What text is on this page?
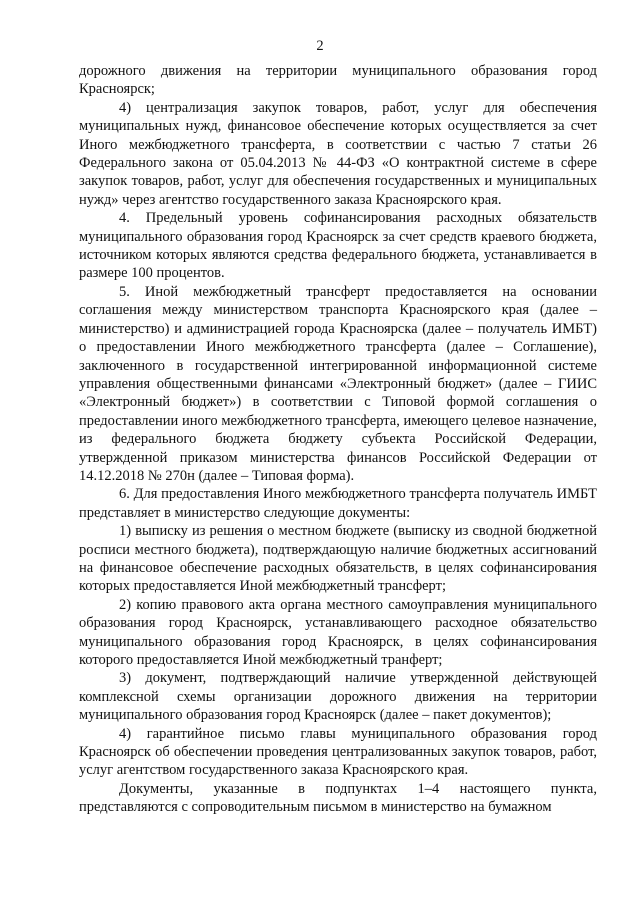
2

дорожного движения на территории муниципального образования город Красноярск;

4) централизация закупок товаров, работ, услуг для обеспечения муниципальных нужд, финансовое обеспечение которых осуществляется за счет Иного межбюджетного трансферта, в соответствии с частью 7 статьи 26 Федерального закона от 05.04.2013 № 44-ФЗ «О контрактной системе в сфере закупок товаров, работ, услуг для обеспечения государственных и муниципальных нужд» через агентство государственного заказа Красноярского края.

4. Предельный уровень софинансирования расходных обязательств муниципального образования город Красноярск за счет средств краевого бюджета, источником которых являются средства федерального бюджета, устанавливается в размере 100 процентов.

5. Иной межбюджетный трансферт предоставляется на основании соглашения между министерством транспорта Красноярского края (далее – министерство) и администрацией города Красноярска (далее – получатель ИМБТ) о предоставлении Иного межбюджетного трансферта (далее – Соглашение), заключенного в государственной интегрированной информационной системе управления общественными финансами «Электронный бюджет» (далее – ГИИС «Электронный бюджет») в соответствии с Типовой формой соглашения о предоставлении иного межбюджетного трансферта, имеющего целевое назначение, из федерального бюджета бюджету субъекта Российской Федерации, утвержденной приказом министерства финансов Российской Федерации от 14.12.2018 № 270н (далее – Типовая форма).

6. Для предоставления Иного межбюджетного трансферта получатель ИМБТ представляет в министерство следующие документы:

1) выписку из решения о местном бюджете (выписку из сводной бюджетной росписи местного бюджета), подтверждающую наличие бюджетных ассигнований на финансовое обеспечение расходных обязательств, в целях софинансирования которых предоставляется Иной межбюджетный трансферт;

2) копию правового акта органа местного самоуправления муниципального образования город Красноярск, устанавливающего расходное обязательство муниципального образования город Красноярск, в целях софинансирования которого предоставляется Иной межбюджетный транферт;

3) документ, подтверждающий наличие утвержденной действующей комплексной схемы организации дорожного движения на территории муниципального образования город Красноярск (далее – пакет документов);

4) гарантийное письмо главы муниципального образования город Красноярск об обеспечении проведения централизованных закупок товаров, работ, услуг агентством государственного заказа Красноярского края.

Документы, указанные в подпунктах 1–4 настоящего пункта, представляются с сопроводительным письмом в министерство на бумажном
